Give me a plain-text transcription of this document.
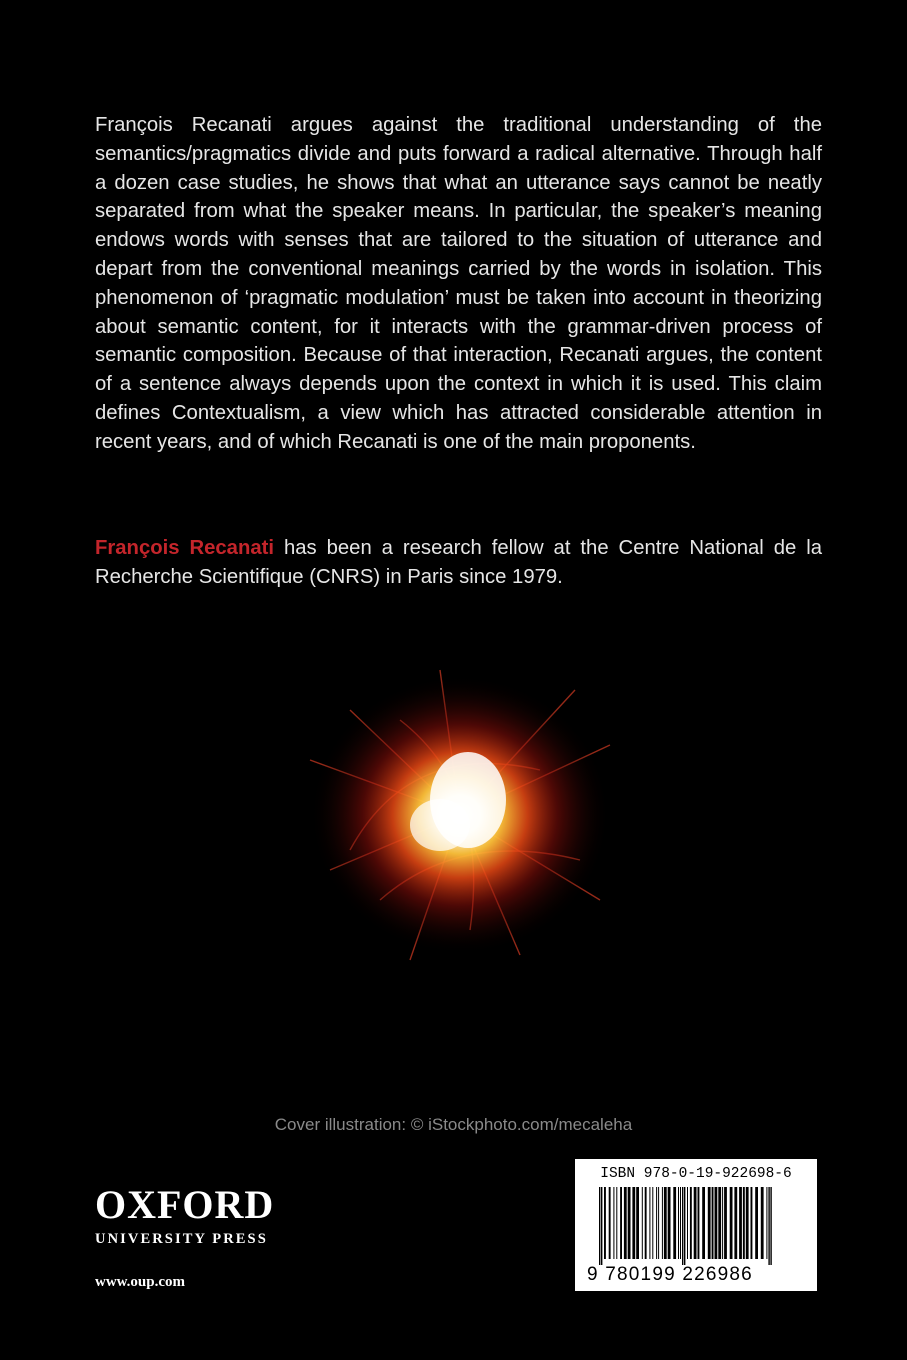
François Recanati argues against the traditional understanding of the semantics/pragmatics divide and puts forward a radical alternative. Through half a dozen case studies, he shows that what an utterance says cannot be neatly separated from what the speaker means. In particular, the speaker’s meaning endows words with senses that are tailored to the situation of utterance and depart from the conventional meanings carried by the words in isolation. This phenomenon of ‘pragmatic modulation’ must be taken into account in theorizing about semantic content, for it interacts with the grammar-driven process of semantic composition. Because of that interaction, Recanati argues, the content of a sentence always depends upon the context in which it is used. This claim defines Contextualism, a view which has attracted considerable attention in recent years, and of which Recanati is one of the main proponents.

François Recanati has been a research fellow at the Centre National de la Recherche Scientifique (CNRS) in Paris since 1979.

Cover illustration: © iStockphoto.com/mecaleha
OXFORD
UNIVERSITY PRESS
www.oup.com
ISBN 978-0-19-922698-6
9 780199 226986
